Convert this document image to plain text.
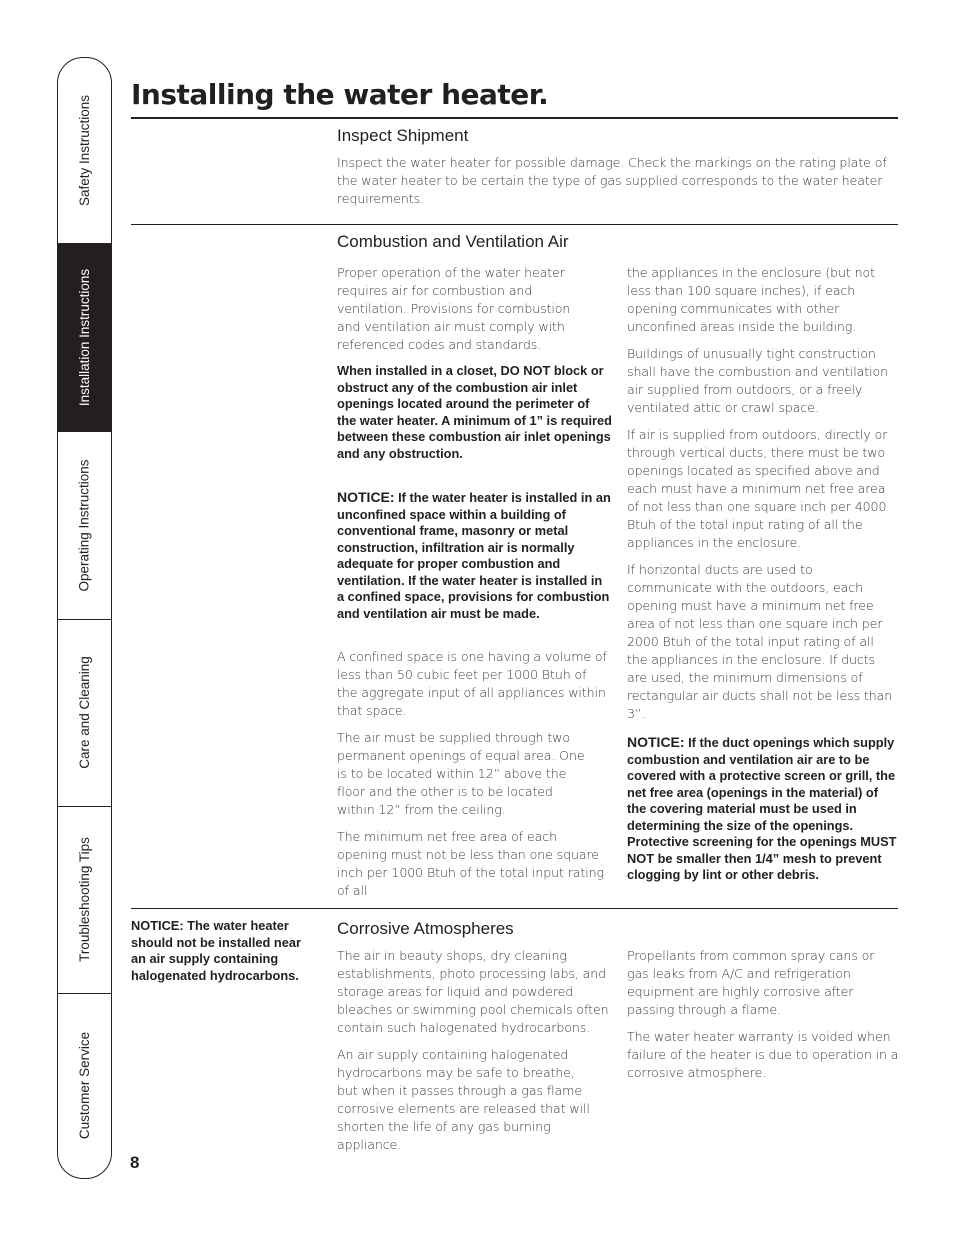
Safety Instructions
Installation Instructions
Operating Instructions
Care and Cleaning
Troubleshooting Tips
Customer Service
Installing the water heater.
Inspect Shipment

Inspect the water heater for possible damage. Check the markings on the rating plate of the water heater to be certain the type of gas supplied corresponds to the water heater requirements.

Combustion and Ventilation Air

Proper operation of the water heater requires air for combustion and ventilation. Provisions for combustion and ventilation air must comply with referenced codes and standards.

When installed in a closet, DO NOT block or obstruct any of the combustion air inlet openings located around the perimeter of the water heater. A minimum of 1” is required between these combustion air inlet openings and any obstruction.

NOTICE: If the water heater is installed in an unconfined space within a building of conventional frame, masonry or metal construction, infiltration air is normally adequate for proper combustion and ventilation. If the water heater is installed in a confined space, provisions for combustion and ventilation air must be made.

A confined space is one having a volume of less than 50 cubic feet per 1000 Btuh of the aggregate input of all appliances within that space.

The air must be supplied through two permanent openings of equal area. One is to be located within 12” above the floor and the other is to be located within 12” from the ceiling.

The minimum net free area of each opening must not be less than one square inch per 1000 Btuh of the total input rating of all

the appliances in the enclosure (but not less than 100 square inches), if each opening communicates with other unconfined areas inside the building.

Buildings of unusually tight construction shall have the combustion and ventilation air supplied from outdoors, or a freely ventilated attic or crawl space.

If air is supplied from outdoors, directly or through vertical ducts, there must be two openings located as specified above and each must have a minimum net free area of not less than one square inch per 4000 Btuh of the total input rating of all the appliances in the enclosure.

If horizontal ducts are used to communicate with the outdoors, each opening must have a minimum net free area of not less than one square inch per 2000 Btuh of the total input rating of all the appliances in the enclosure. If ducts are used, the minimum dimensions of rectangular air ducts shall not be less than 3”.

NOTICE: If the duct openings which supply combustion and ventilation air are to be covered with a protective screen or grill, the net free area (openings in the material) of the covering material must be used in determining the size of the openings. Protective screening for the openings MUST NOT be smaller then 1/4” mesh to prevent clogging by lint or other debris.

NOTICE: The water heater should not be installed near an air supply containing halogenated hydrocarbons.

Corrosive Atmospheres

The air in beauty shops, dry cleaning establishments, photo processing labs, and storage areas for liquid and powdered bleaches or swimming pool chemicals often contain such halogenated hydrocarbons.

An air supply containing halogenated hydrocarbons may be safe to breathe, but when it passes through a gas flame corrosive elements are released that will shorten the life of any gas burning appliance.

Propellants from common spray cans or gas leaks from A/C and refrigeration equipment are highly corrosive after passing through a flame.

The water heater warranty is voided when failure of the heater is due to operation in a corrosive atmosphere.

8
